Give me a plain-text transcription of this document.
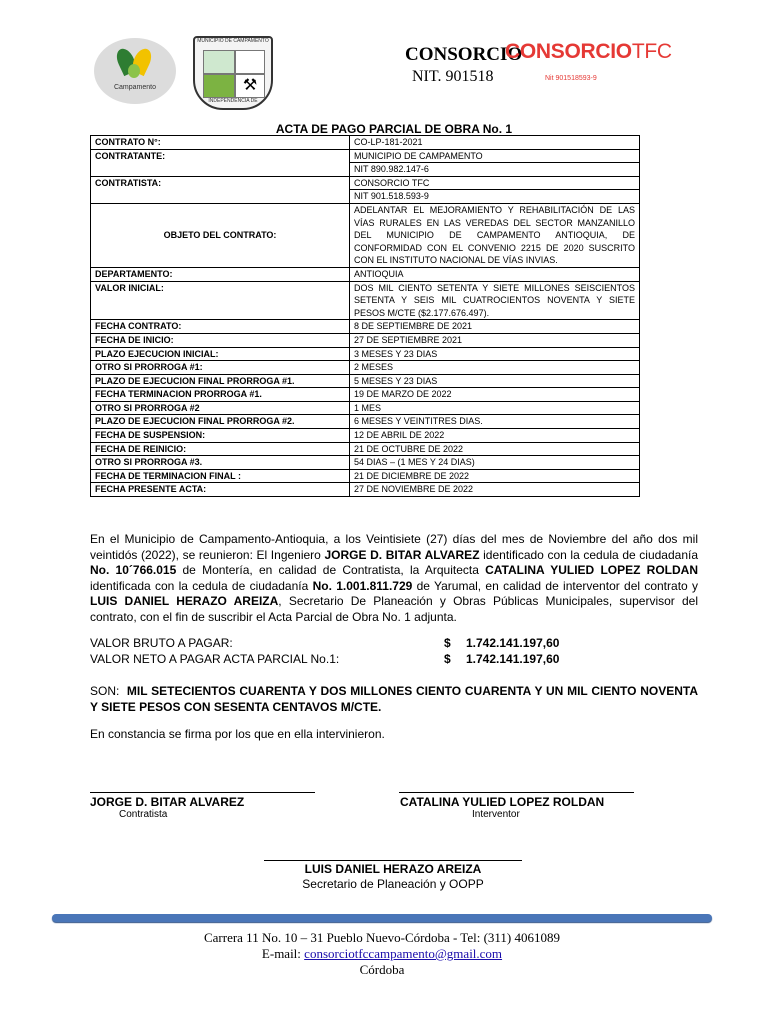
Campamento
MUNICIPIO DE CAMPAMENTO
⚒
INDEPENDENCIA DE
CONSORCIO
NIT. 901518
CONSORCIOTFC
Nit 901518593-9
ACTA DE PAGO PARCIAL DE OBRA No. 1
CONTRATO N°:	CO-LP-181-2021
CONTRATANTE:	MUNICIPIO DE CAMPAMENTO
	NIT 890.982.147-6
CONTRATISTA:	CONSORCIO TFC
	NIT 901.518.593-9
OBJETO DEL CONTRATO:	ADELANTAR EL MEJORAMIENTO Y REHABILITACIÓN DE LAS VÍAS RURALES EN LAS VEREDAS DEL SECTOR MANZANILLO DEL MUNICIPIO DE CAMPAMENTO ANTIOQUIA, DE CONFORMIDAD CON EL CONVENIO 2215 DE 2020 SUSCRITO CON EL INSTITUTO NACIONAL DE VÍAS INVIAS.
DEPARTAMENTO:	ANTIOQUIA
VALOR INICIAL:	DOS MIL CIENTO SETENTA Y SIETE MILLONES SEISCIENTOS SETENTA Y SEIS MIL CUATROCIENTOS NOVENTA Y SIETE PESOS M/CTE ($2.177.676.497).
FECHA CONTRATO:	8 DE SEPTIEMBRE DE 2021
FECHA DE INICIO:	27 DE SEPTIEMBRE 2021
PLAZO EJECUCION INICIAL:	3 MESES Y 23 DIAS
OTRO SI PRORROGA #1:	2 MESES
PLAZO DE EJECUCION FINAL PRORROGA #1.	5 MESES Y 23 DIAS
FECHA TERMINACION PRORROGA #1.	19 DE MARZO DE 2022
OTRO SI PRORROGA #2	1 MES
PLAZO DE EJECUCION FINAL PRORROGA #2.	6 MESES Y VEINTITRES DIAS.
FECHA DE SUSPENSION:	12 DE ABRIL DE 2022
FECHA DE REINICIO:	21 DE OCTUBRE DE 2022
OTRO SI PRORROGA #3.	54 DIAS – (1 MES Y 24 DIAS)
FECHA DE TERMINACION FINAL :	21 DE DICIEMBRE DE 2022
FECHA PRESENTE ACTA:	27 DE NOVIEMBRE DE 2022
En el Municipio de Campamento-Antioquia, a los Veintisiete (27) días del mes de Noviembre del año dos mil veintidós (2022), se reunieron: El Ingeniero JORGE D. BITAR ALVAREZ identificado con la cedula de ciudadanía No. 10´766.015 de Montería, en calidad de Contratista, la Arquitecta CATALINA YULIED LOPEZ ROLDAN identificada con la cedula de ciudadanía No. 1.001.811.729 de Yarumal, en calidad de interventor del contrato y LUIS DANIEL HERAZO AREIZA, Secretario De Planeación y Obras Públicas Municipales, supervisor del contrato, con el fin de suscribir el Acta Parcial de Obra No. 1 adjunta.
VALOR BRUTO A PAGAR:	$ 1.742.141.197,60
VALOR NETO A PAGAR ACTA PARCIAL No.1:	$ 1.742.141.197,60
SON: MIL SETECIENTOS CUARENTA Y DOS MILLONES CIENTO CUARENTA Y UN MIL CIENTO NOVENTA Y SIETE PESOS CON SESENTA CENTAVOS M/CTE.
En constancia se firma por los que en ella intervinieron.
JORGE D. BITAR ALVAREZ
Contratista
CATALINA YULIED LOPEZ ROLDAN
Interventor
LUIS DANIEL HERAZO AREIZA
Secretario de Planeación y OOPP
Carrera 11 No. 10 – 31 Pueblo Nuevo-Córdoba - Tel: (311) 4061089
E-mail: consorciotfccampamento@gmail.com
Córdoba
